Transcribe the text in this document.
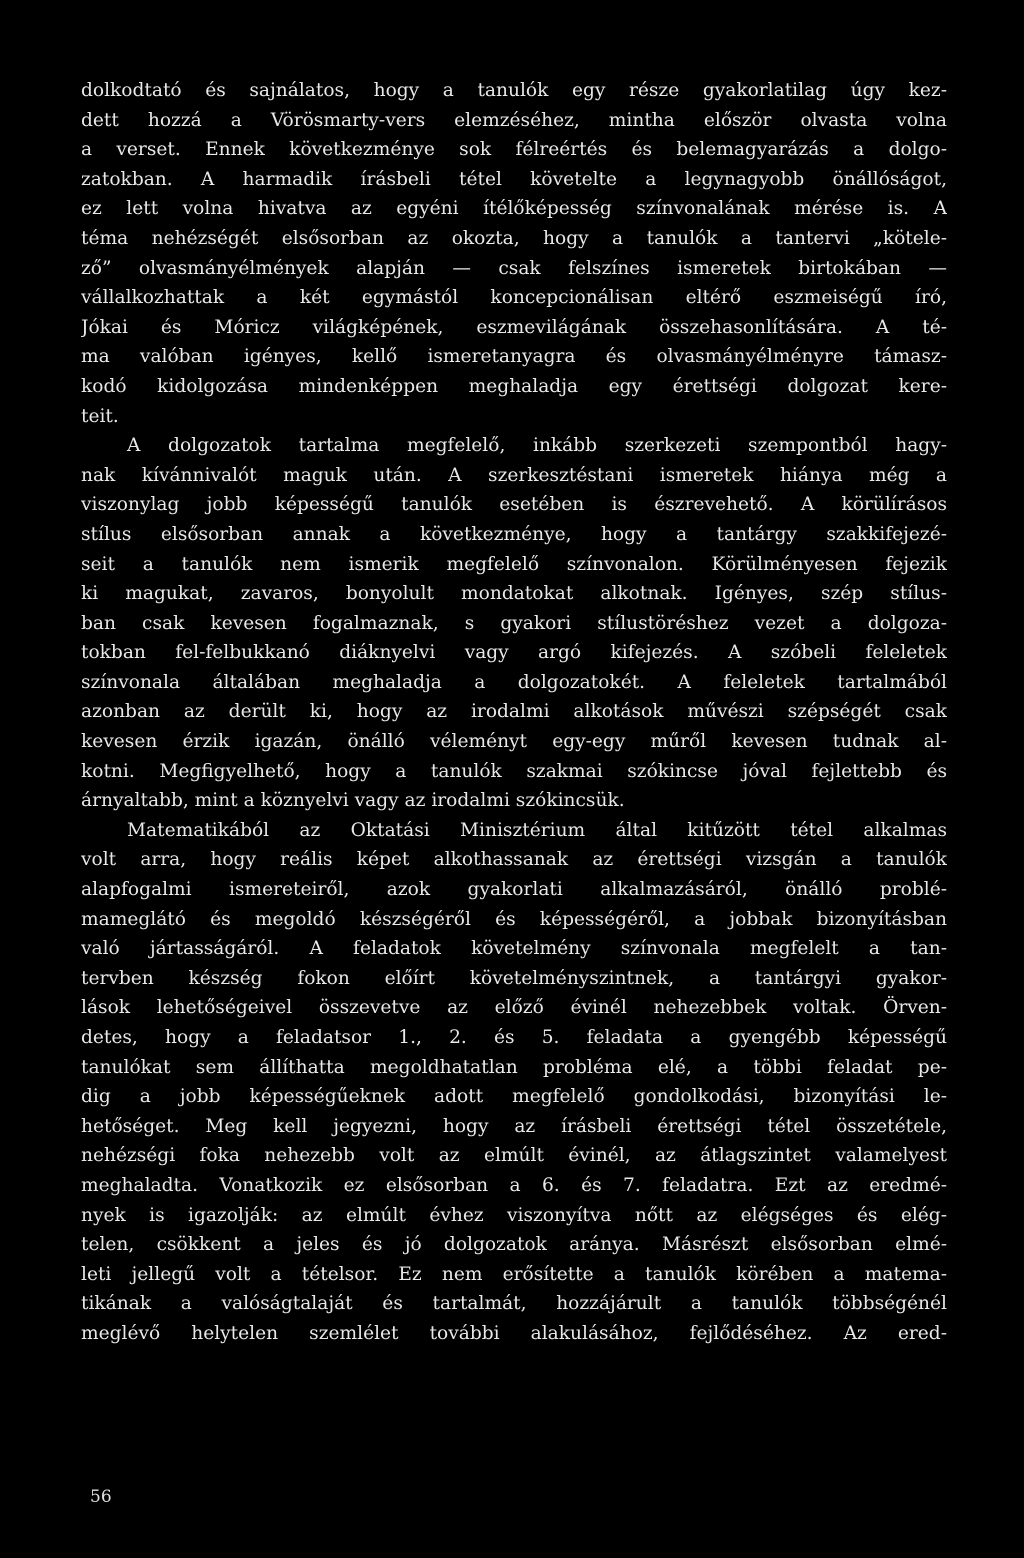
dolkodtató és sajnálatos, hogy a tanulók egy része gyakorlatilag úgy kez-
dett hozzá a Vörösmarty-vers elemzéséhez, mintha először olvasta volna
a verset. Ennek következménye sok félreértés és belemagyarázás a dolgo-
zatokban. A harmadik írásbeli tétel követelte a legynagyobb önállóságot,
ez lett volna hivatva az egyéni ítélőképesség színvonalának mérése is. A
téma nehézségét elsősorban az okozta, hogy a tanulók a tantervi „kötele-
ző” olvasmányélmények alapján — csak felszínes ismeretek birtokában —
vállalkozhattak a két egymástól koncepcionálisan eltérő eszmeiségű író,
Jókai és Móricz világképének, eszmevilágának összehasonlítására. A té-
ma valóban igényes, kellő ismeretanyagra és olvasmányélményre támasz-
kodó kidolgozása mindenképpen meghaladja egy érettségi dolgozat kere-
teit.
A dolgozatok tartalma megfelelő, inkább szerkezeti szempontból hagy-
nak kívánnivalót maguk után. A szerkesztéstani ismeretek hiánya még a
viszonylag jobb képességű tanulók esetében is észrevehető. A körülírásos
stílus elsősorban annak a következménye, hogy a tantárgy szakkifejezé-
seit a tanulók nem ismerik megfelelő színvonalon. Körülményesen fejezik
ki magukat, zavaros, bonyolult mondatokat alkotnak. Igényes, szép stílus-
ban csak kevesen fogalmaznak, s gyakori stílustöréshez vezet a dolgoza-
tokban fel-felbukkanó diáknyelvi vagy argó kifejezés. A szóbeli feleletek
színvonala általában meghaladja a dolgozatokét. A feleletek tartalmából
azonban az derült ki, hogy az irodalmi alkotások művészi szépségét csak
kevesen érzik igazán, önálló véleményt egy-egy műről kevesen tudnak al-
kotni. Megfigyelhető, hogy a tanulók szakmai szókincse jóval fejlettebb és
árnyaltabb, mint a köznyelvi vagy az irodalmi szókincsük.
Matematikából az Oktatási Minisztérium által kitűzött tétel alkalmas
volt arra, hogy reális képet alkothassanak az érettségi vizsgán a tanulók
alapfogalmi ismereteiről, azok gyakorlati alkalmazásáról, önálló problé-
mameglátó és megoldó készségéről és képességéről, a jobbak bizonyításban
való jártasságáról. A feladatok követelmény színvonala megfelelt a tan-
tervben készség fokon előírt követelményszintnek, a tantárgyi gyakor-
lások lehetőségeivel összevetve az előző évinél nehezebbek voltak. Örven-
detes, hogy a feladatsor 1., 2. és 5. feladata a gyengébb képességű
tanulókat sem állíthatta megoldhatatlan probléma elé, a többi feladat pe-
dig a jobb képességűeknek adott megfelelő gondolkodási, bizonyítási le-
hetőséget. Meg kell jegyezni, hogy az írásbeli érettségi tétel összetétele,
nehézségi foka nehezebb volt az elmúlt évinél, az átlagszintet valamelyest
meghaladta. Vonatkozik ez elsősorban a 6. és 7. feladatra. Ezt az eredmé-
nyek is igazolják: az elmúlt évhez viszonyítva nőtt az elégséges és elég-
telen, csökkent a jeles és jó dolgozatok aránya. Másrészt elsősorban elmé-
leti jellegű volt a tételsor. Ez nem erősítette a tanulók körében a matema-
tikának a valóságtalaját és tartalmát, hozzájárult a tanulók többségénél
meglévő helytelen szemlélet további alakulásához, fejlődéséhez. Az ered-
56
